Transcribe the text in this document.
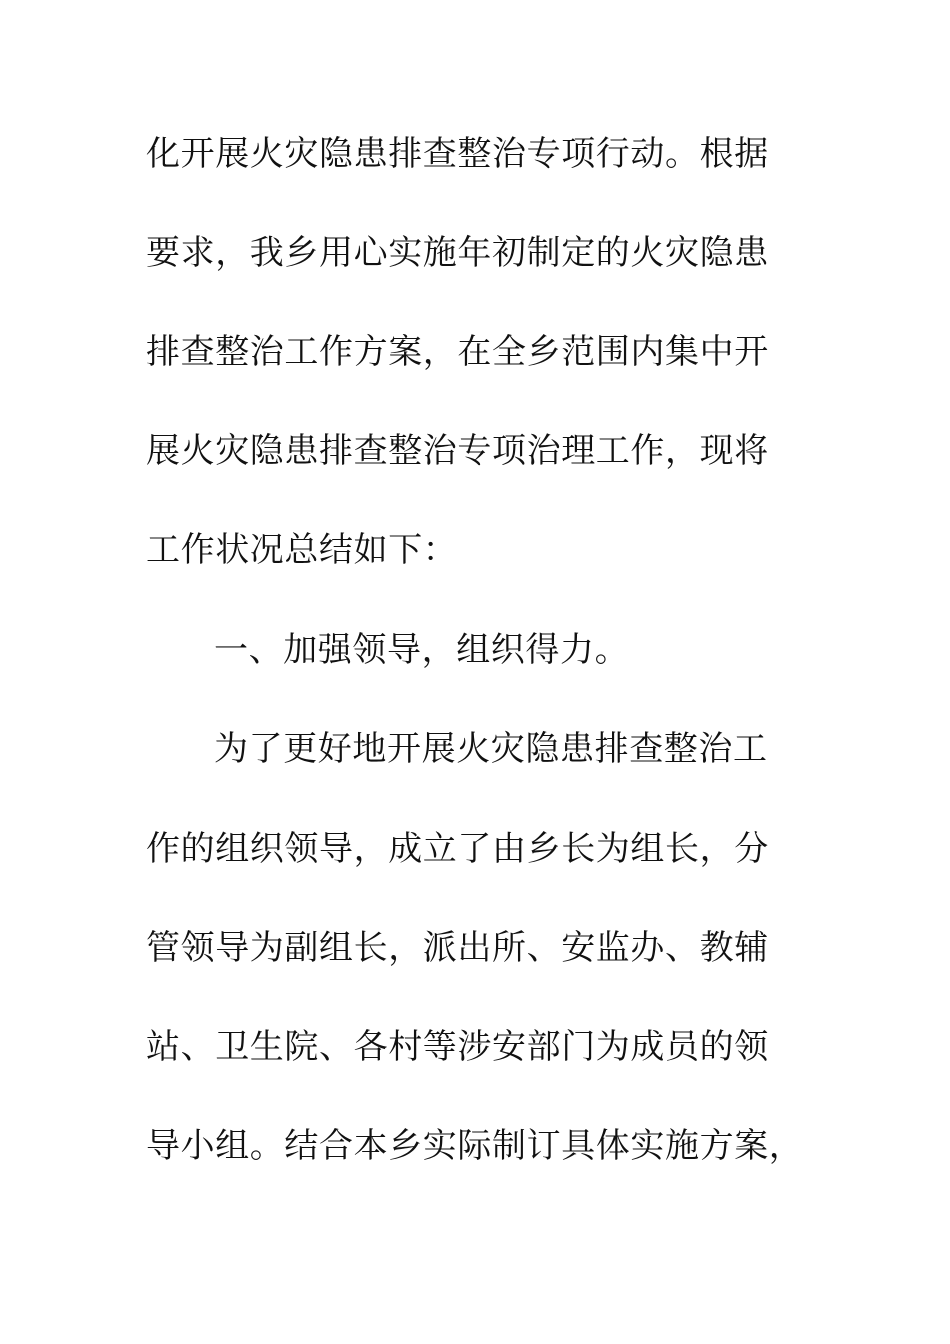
化开展火灾隐患排查整治专项行动。根据

要求，我乡用心实施年初制定的火灾隐患

排查整治工作方案，在全乡范围内集中开

展火灾隐患排查整治专项治理工作，现将

工作状况总结如下：

一、加强领导，组织得力。

为了更好地开展火灾隐患排查整治工

作的组织领导，成立了由乡长为组长，分

管领导为副组长，派出所、安监办、教辅

站、卫生院、各村等涉安部门为成员的领

导小组。结合本乡实际制订具体实施方案，
